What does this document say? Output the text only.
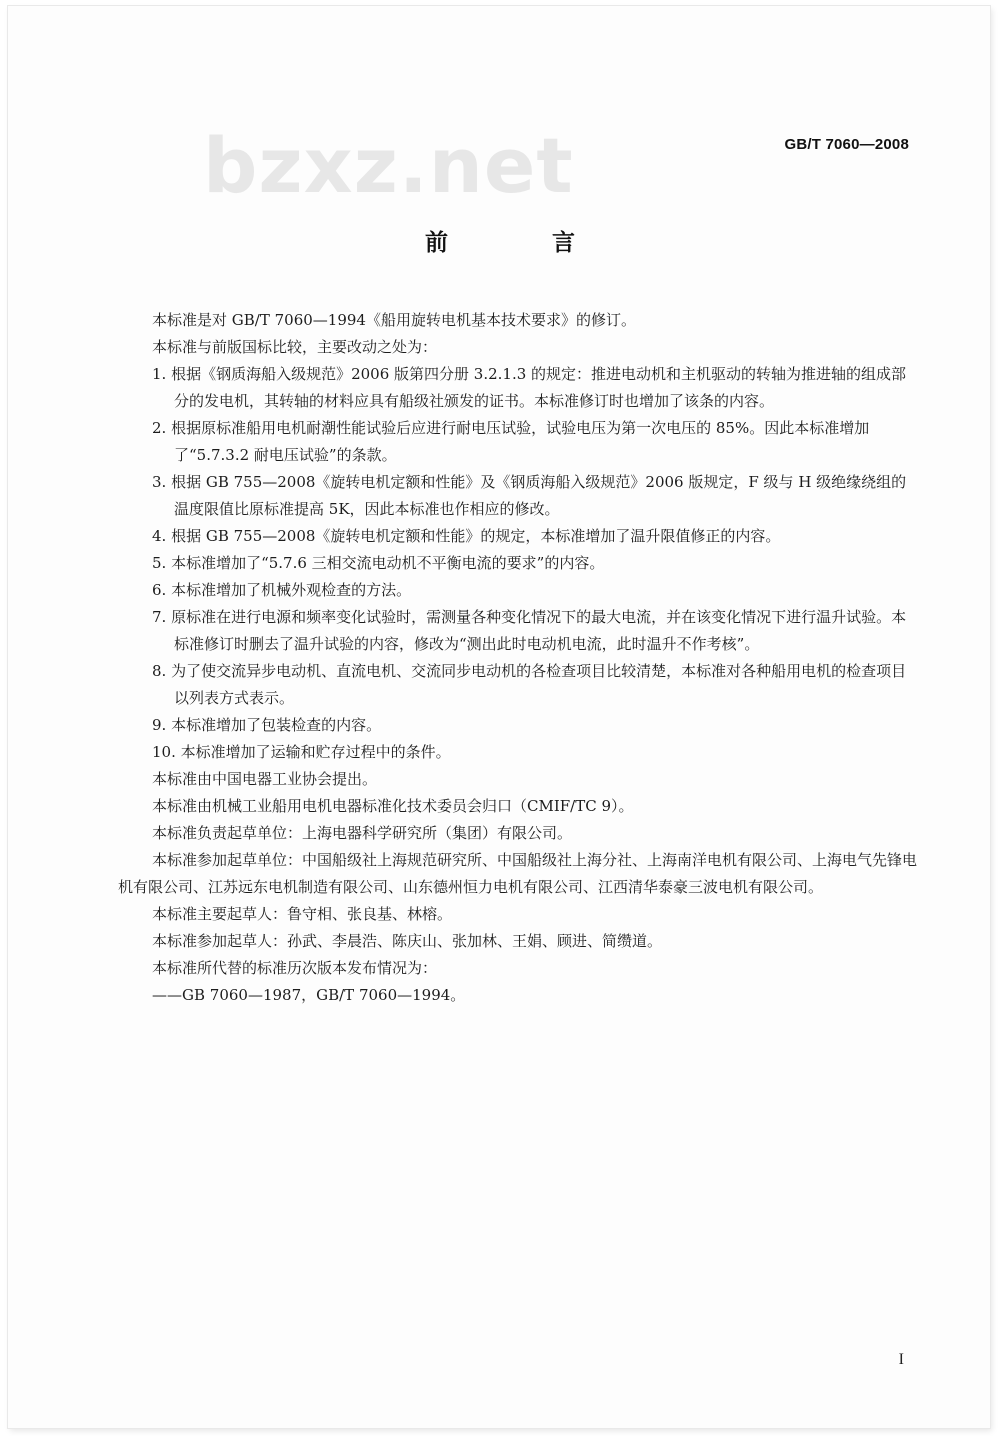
bzxz.net	GB/T 7060—2008
前 言

本标准是对 GB/T 7060—1994《船用旋转电机基本技术要求》的修订。

本标准与前版国标比较，主要改动之处为：

1. 根据《钢质海船入级规范》2006 版第四分册 3.2.1.3 的规定：推进电动机和主机驱动的转轴为推进轴的组成部分的发电机，其转轴的材料应具有船级社颁发的证书。本标准修订时也增加了该条的内容。

2. 根据原标准船用电机耐潮性能试验后应进行耐电压试验，试验电压为第一次电压的 85%。因此本标准增加了“5.7.3.2 耐电压试验”的条款。

3. 根据 GB 755—2008《旋转电机定额和性能》及《钢质海船入级规范》2006 版规定，F 级与 H 级绝缘绕组的温度限值比原标准提高 5K，因此本标准也作相应的修改。

4. 根据 GB 755—2008《旋转电机定额和性能》的规定，本标准增加了温升限值修正的内容。

5. 本标准增加了“5.7.6 三相交流电动机不平衡电流的要求”的内容。

6. 本标准增加了机械外观检查的方法。

7. 原标准在进行电源和频率变化试验时，需测量各种变化情况下的最大电流，并在该变化情况下进行温升试验。本标准修订时删去了温升试验的内容，修改为“测出此时电动机电流，此时温升不作考核”。

8. 为了使交流异步电动机、直流电机、交流同步电动机的各检查项目比较清楚，本标准对各种船用电机的检查项目以列表方式表示。

9. 本标准增加了包装检查的内容。

10. 本标准增加了运输和贮存过程中的条件。

本标准由中国电器工业协会提出。

本标准由机械工业船用电机电器标准化技术委员会归口（CMIF/TC 9）。

本标准负责起草单位：上海电器科学研究所（集团）有限公司。

本标准参加起草单位：中国船级社上海规范研究所、中国船级社上海分社、上海南洋电机有限公司、上海电气先锋电机有限公司、江苏远东电机制造有限公司、山东德州恒力电机有限公司、江西清华泰豪三波电机有限公司。

本标准主要起草人：鲁守相、张良基、林榕。

本标准参加起草人：孙武、李晨浩、陈庆山、张加林、王娟、顾进、简缵道。

本标准所代替的标准历次版本发布情况为：

——GB 7060—1987，GB/T 7060—1994。

I
